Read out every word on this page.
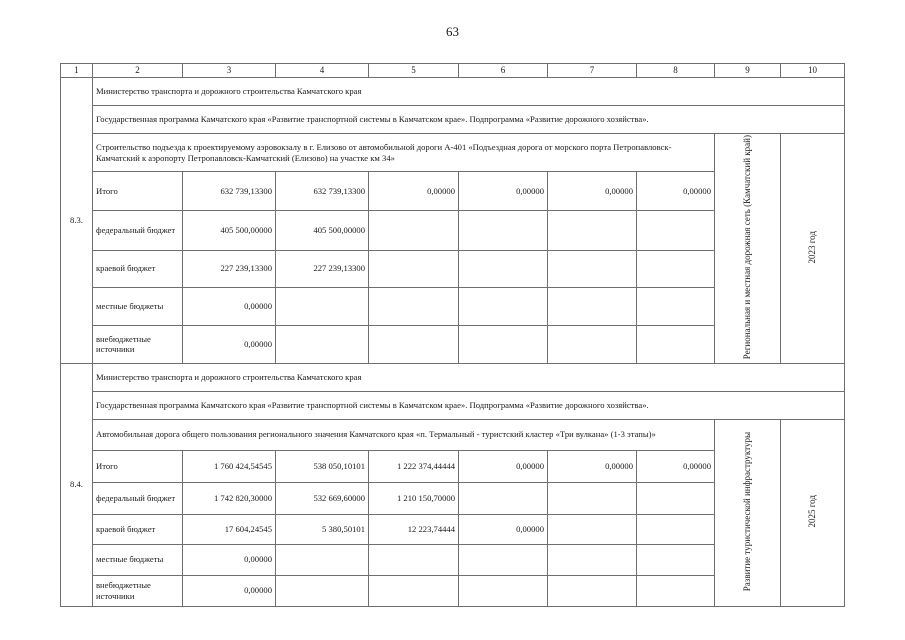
63
1	2	3	4	5	6	7	8	9	10
8.3.	Министерство транспорта и дорожного строительства Камчатского края								
	Государственная программа Камчатского края «Развитие транспортной системы в Камчатском крае». Подпрограмма «Развитие дорожного хозяйства».								
	Строительство подъезда к проектируемому аэровокзалу в г. Елизово от автомобильной дороги А-401 «Подъездная дорога от морского порта Петропавловск-Камчатский к аэропорту Петропавловск-Камчатский (Елизово) на участке км 34»							Региональная и местная дорожная сеть (Камчатский край)	2023 год
	Итого	632 739,13300	632 739,13300	0,00000	0,00000	0,00000	0,00000		
	федеральный бюджет	405 500,00000	405 500,00000						
	краевой бюджет	227 239,13300	227 239,13300						
	местные бюджеты	0,00000							
	внебюджетные источники	0,00000							
8.4.	Министерство транспорта и дорожного строительства Камчатского края								
	Государственная программа Камчатского края «Развитие транспортной системы в Камчатском крае». Подпрограмма «Развитие дорожного хозяйства».								
	Автомобильная дорога общего пользования регионального значения Камчатского края «п. Термальный - туристский кластер «Три вулкана» (1-3 этапы)»							Развитие туристической инфраструктуры	2025 год
	Итого	1 760 424,54545	538 050,10101	1 222 374,44444	0,00000	0,00000	0,00000		
	федеральный бюджет	1 742 820,30000	532 669,60000	1 210 150,70000					
	краевой бюджет	17 604,24545	5 380,50101	12 223,74444	0,00000				
	местные бюджеты	0,00000							
	внебюджетные источники	0,00000							
